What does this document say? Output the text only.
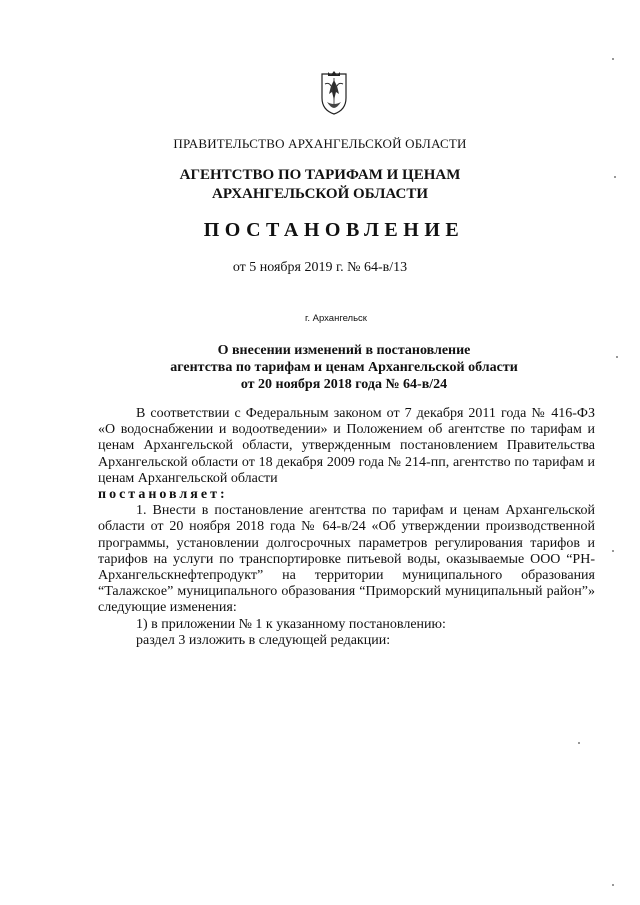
ПРАВИТЕЛЬСТВО АРХАНГЕЛЬСКОЙ ОБЛАСТИ
АГЕНТСТВО ПО ТАРИФАМ И ЦЕНАМ
АРХАНГЕЛЬСКОЙ ОБЛАСТИ
ПОСТАНОВЛЕНИЕ
от 5 ноября 2019 г. № 64-в/13
г. Архангельск
О внесении изменений в постановление
агентства по тарифам и ценам Архангельской области
от 20 ноября 2018 года № 64-в/24

В соответствии с Федеральным законом от 7 декабря 2011 года № 416-ФЗ «О водоснабжении и водоотведении» и Положением об агентстве по тарифам и ценам Архангельской области, утвержденным постановлением Правительства Архангельской области от 18 декабря 2009 года № 214-пп, агентство по тарифам и ценам Архангельской области

постановляет:

1. Внести в постановление агентства по тарифам и ценам Архангельской области от 20 ноября 2018 года № 64-в/24 «Об утверждении производственной программы, установлении долгосрочных параметров регулирования тарифов и тарифов на услуги по транспортировке питьевой воды, оказываемые ООО “РН-Архангельскнефтепродукт” на территории муниципального образования “Талажское” муниципального образования “Приморский муниципальный район”» следующие изменения:

1) в приложении № 1 к указанному постановлению:

раздел 3 изложить в следующей редакции:
